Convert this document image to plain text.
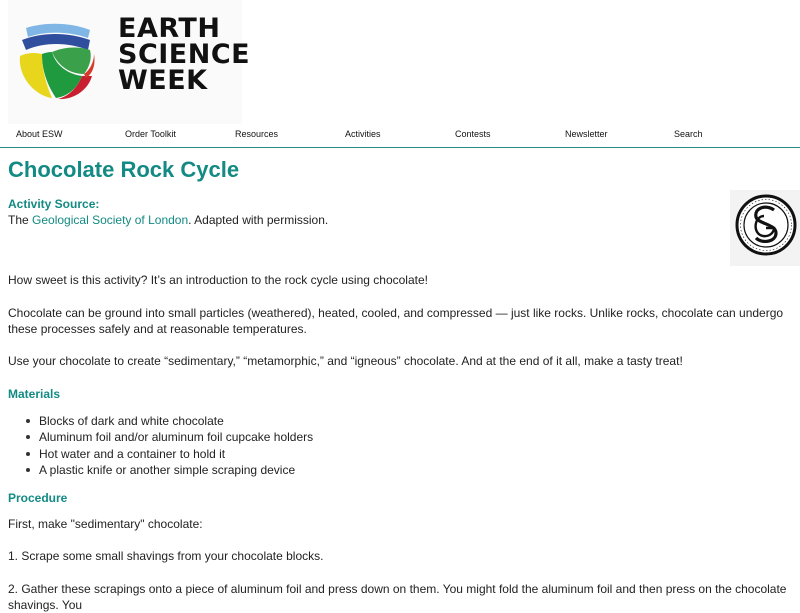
EARTH
SCIENCE
WEEK
About ESW	Order Toolkit	Resources	Activities	Contests	Newsletter	Search
Chocolate Rock Cycle
Activity Source:
The Geological Society of London. Adapted with permission.

How sweet is this activity? It’s an introduction to the rock cycle using chocolate!

Chocolate can be ground into small particles (weathered), heated, cooled, and compressed — just like rocks. Unlike rocks, chocolate can undergo these processes safely and at reasonable temperatures.

Use your chocolate to create “sedimentary,” “metamorphic,” and “igneous” chocolate. And at the end of it all, make a tasty treat!

Materials
Blocks of dark and white chocolate
Aluminum foil and/or aluminum foil cupcake holders
Hot water and a container to hold it
A plastic knife or another simple scraping device
Procedure

First, make "sedimentary" chocolate:

1. Scrape some small shavings from your chocolate blocks.

2. Gather these scrapings onto a piece of aluminum foil and press down on them. You might fold the aluminum foil and then press on the chocolate shavings. You
